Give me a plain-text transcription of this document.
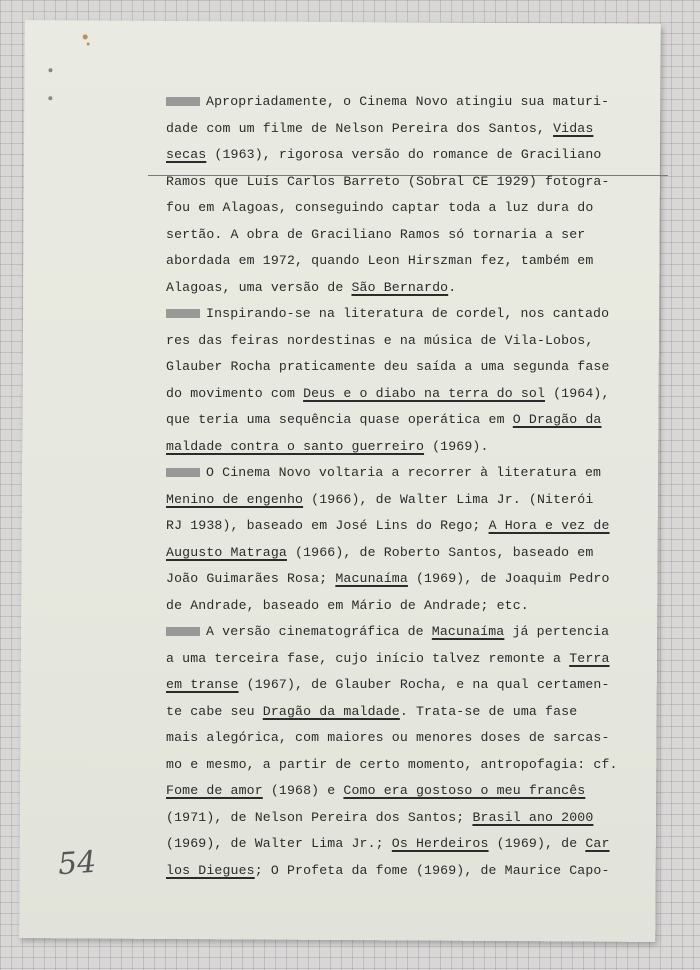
Apropriadamente, o Cinema Novo atingiu sua maturi-
dade com um filme de Nelson Pereira dos Santos, Vidas
secas (1963), rigorosa versão do romance de Graciliano
Ramos que Luís Carlos Barreto (Sobral CE 1929) fotogra-
fou em Alagoas, conseguindo captar toda a luz dura do
sertão. A obra de Graciliano Ramos só tornaria a ser
abordada em 1972, quando Leon Hirszman fez, também em
Alagoas, uma versão de São Bernardo.
Inspirando-se na literatura de cordel, nos cantado
res das feiras nordestinas e na música de Vila-Lobos,
Glauber Rocha praticamente deu saída a uma segunda fase
do movimento com Deus e o diabo na terra do sol (1964),
que teria uma sequência quase operática em O Dragão da
maldade contra o santo guerreiro (1969).
O Cinema Novo voltaria a recorrer à literatura em
Menino de engenho (1966), de Walter Lima Jr. (Niterói
RJ 1938), baseado em José Lins do Rego; A Hora e vez de
Augusto Matraga (1966), de Roberto Santos, baseado em
João Guimarães Rosa; Macunaíma (1969), de Joaquim Pedro
de Andrade, baseado em Mário de Andrade; etc.
A versão cinematográfica de Macunaíma já pertencia
a uma terceira fase, cujo início talvez remonte a Terra
em transe (1967), de Glauber Rocha, e na qual certamen-
te cabe seu Dragão da maldade. Trata-se de uma fase
mais alegórica, com maiores ou menores doses de sarcas-
mo e mesmo, a partir de certo momento, antropofagia: cf.
Fome de amor (1968) e Como era gostoso o meu francês
(1971), de Nelson Pereira dos Santos; Brasil ano 2000
(1969), de Walter Lima Jr.; Os Herdeiros (1969), de Car
los Diegues; O Profeta da fome (1969), de Maurice Capo-
54
